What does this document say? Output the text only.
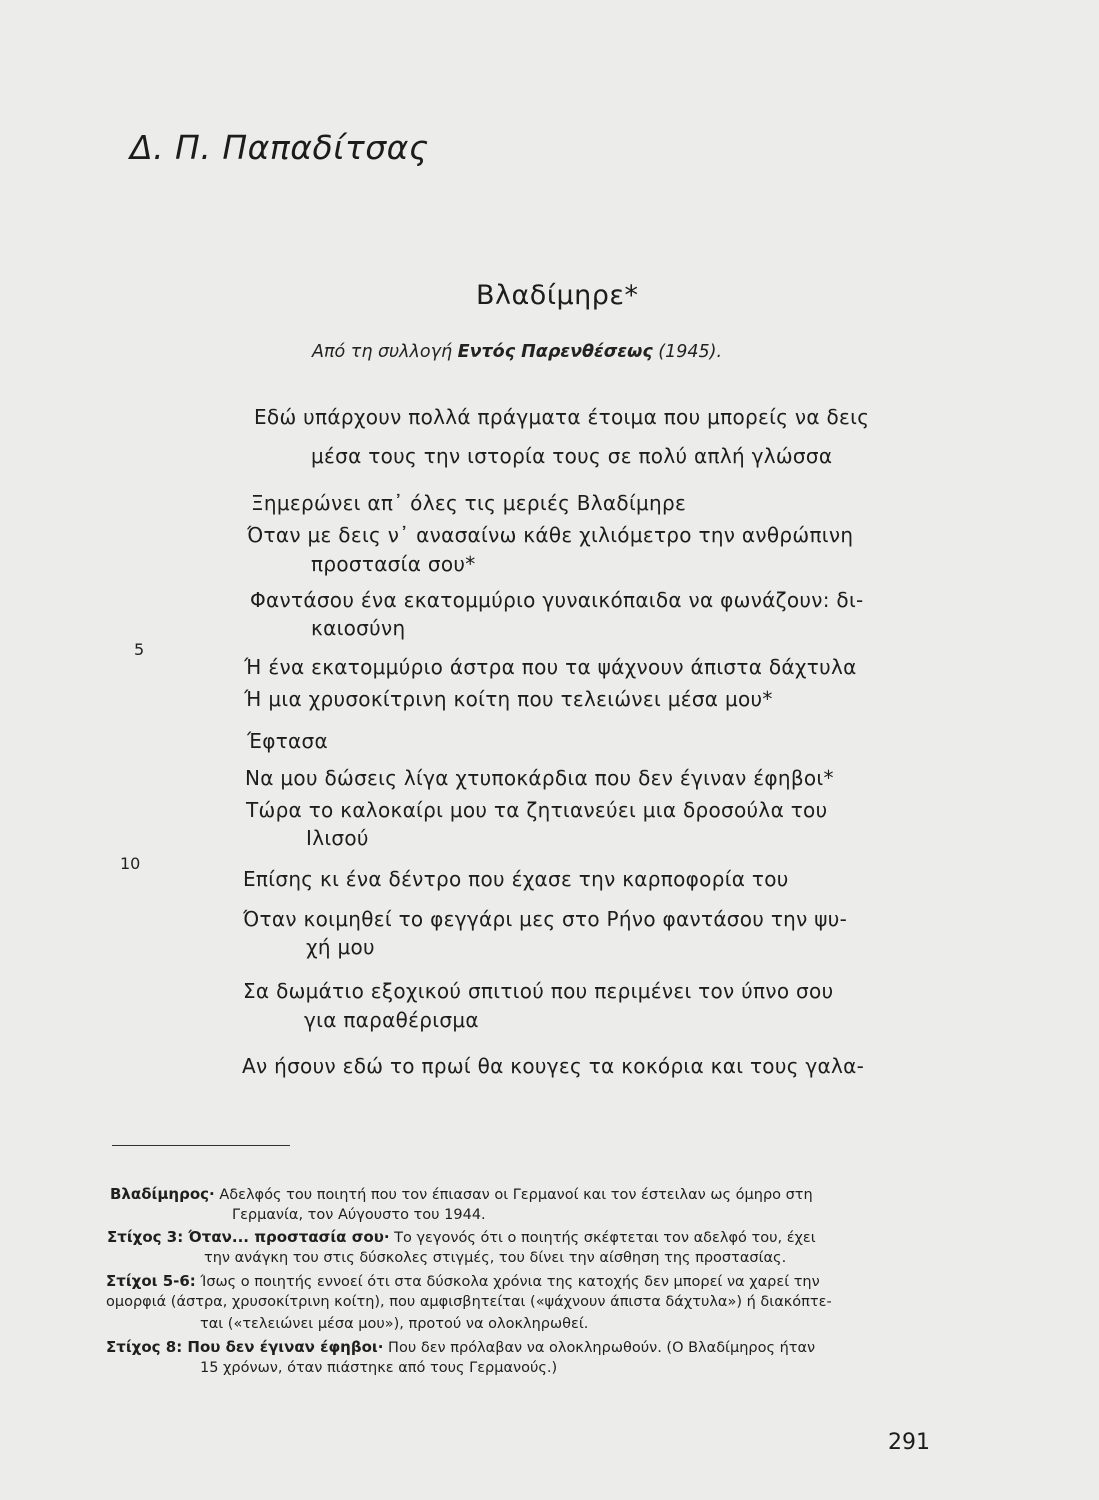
Δ. Π. Παπαδίτσας
Βλαδίμηρε*
Από τη συλλογή Εντός Παρενθέσεως (1945).
Εδώ υπάρχουν πολλά πράγματα έτοιμα που μπορείς να δεις
μέσα τους την ιστορία τους σε πολύ απλή γλώσσα
Ξημερώνει απ᾽ όλες τις μεριές Βλαδίμηρε
Όταν με δεις ν᾽ ανασαίνω κάθε χιλιόμετρο την ανθρώπινη
προστασία σου*
Φαντάσου ένα εκατομμύριο γυναικόπαιδα να φωνάζουν: δι-
καιοσύνη
5
Ή ένα εκατομμύριο άστρα που τα ψάχνουν άπιστα δάχτυλα
Ή μια χρυσοκίτρινη κοίτη που τελειώνει μέσα μου*
Έφτασα
Να μου δώσεις λίγα χτυποκάρδια που δεν έγιναν έφηβοι*
Τώρα το καλοκαίρι μου τα ζητιανεύει μια δροσούλα του
Ιλισού
10
Επίσης κι ένα δέντρο που έχασε την καρποφορία του
Όταν κοιμηθεί το φεγγάρι μες στο Ρήνο φαντάσου την ψυ-
χή μου
Σα δωμάτιο εξοχικού σπιτιού που περιμένει τον ύπνο σου
για παραθέρισμα
Αν ήσουν εδώ το πρωί θα κουγες τα κοκόρια και τους γαλα-
Βλαδίμηρος· Αδελφός του ποιητή που τον έπιασαν οι Γερμανοί και τον έστειλαν ως όμηρο στη
Γερμανία, τον Αύγουστο του 1944.
Στίχος 3: Όταν... προστασία σου· Το γεγονός ότι ο ποιητής σκέφτεται τον αδελφό του, έχει
την ανάγκη του στις δύσκολες στιγμές, του δίνει την αίσθηση της προστασίας.
Στίχοι 5-6: Ίσως ο ποιητής εννοεί ότι στα δύσκολα χρόνια της κατοχής δεν μπορεί να χαρεί την
ομορφιά (άστρα, χρυσοκίτρινη κοίτη), που αμφισβητείται («ψάχνουν άπιστα δάχτυλα») ή διακόπτε-
ται («τελειώνει μέσα μου»), προτού να ολοκληρωθεί.
Στίχος 8: Που δεν έγιναν έφηβοι· Που δεν πρόλαβαν να ολοκληρωθούν. (Ο Βλαδίμηρος ήταν
15 χρόνων, όταν πιάστηκε από τους Γερμανούς.)
291
